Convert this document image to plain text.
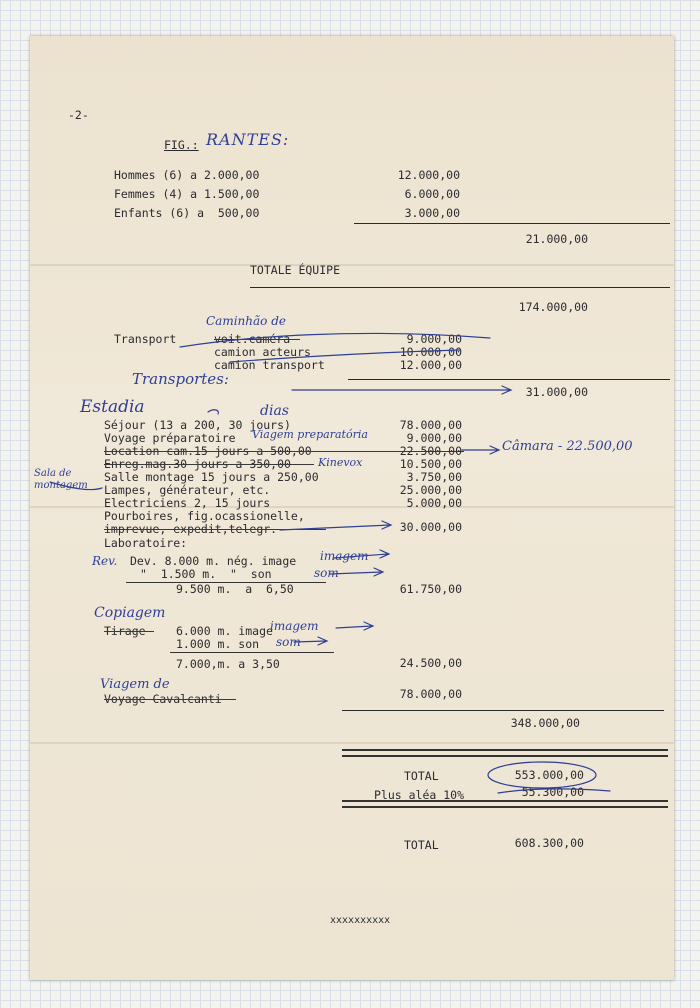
-2-
FIG.: RANTES:
Hommes (6) a 2.000,00	12.000,00
Femmes (4) a 1.500,00	6.000,00
Enfants (6) a  500,00	3.000,00
21.000,00
TOTALE ÉQUIPE
174.000,00
Caminhão de
Transport	voit.caméra	9.000,00
camion acteurs	10.000,00
camion transport	12.000,00
Transportes:
31.000,00
Estadia	dias
Sala de montagem
Séjour (13 a 200, 30 jours)	78.000,00
Voyage préparatoire Viagem preparatória	9.000,00
Location cam.15 jours a 500,00	22.500,00	Câmara - 22.500,00
Enreg.mag.30 jours a 350,00 Kinevox	10.500,00
Salle montage 15 jours a 250,00	3.750,00
Lampes, générateur, etc.	25.000,00
Electriciens 2, 15 jours	5.000,00
Pourboires, fig.ocassionelle,
imprevue, expedit,telegr.	30.000,00
Laboratoire:
Rev. Dev. 8.000 m. nég. image imagem
"  1.500 m.  "  son	som
9.500 m.  a  6,50	61.750,00
Copiagem
Tirage	6.000 m. image
imagem
1.000 m. son som
7.000,m. a 3,50	24.500,00
Viagem de
Voyage Cavalcanti	78.000,00
348.000,00
TOTAL	553.000,00
Plus aléa 10%	55.300,00
TOTAL	608.300,00
xxxxxxxxxx
